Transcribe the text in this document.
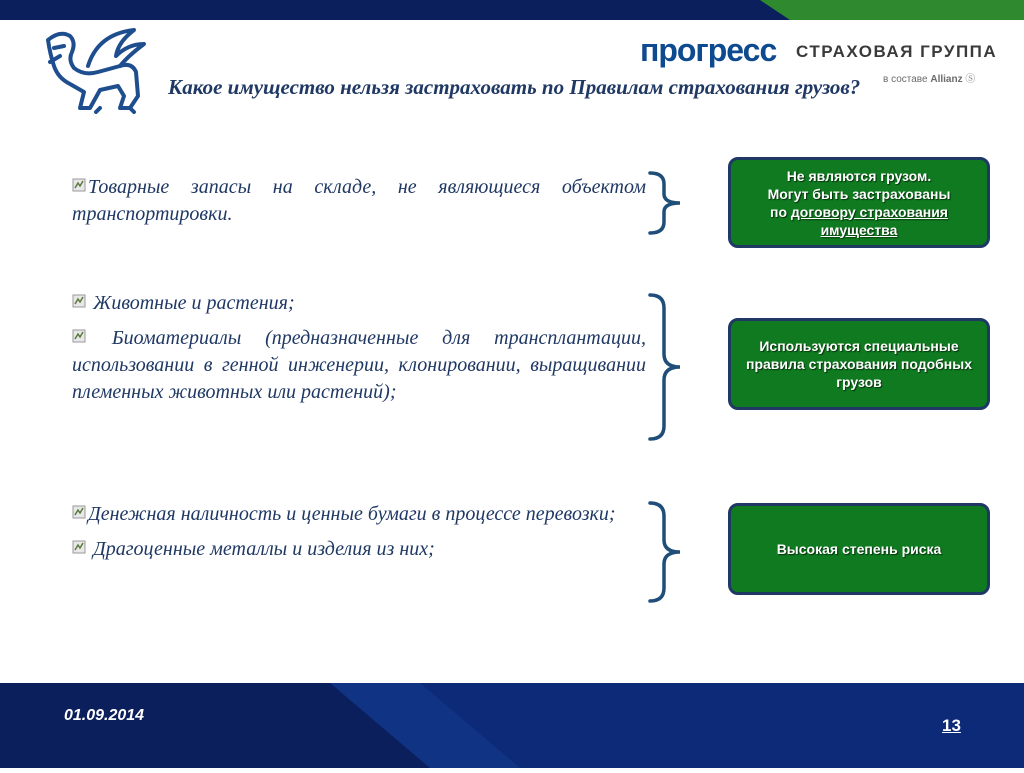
Какое имущество нельзя застраховать по Правилам страхования грузов?
прогресс СТРАХОВАЯ ГРУППА
в составе Allianz Ⓢ
Товарные запасы на складе, не являющиеся объектом транспортировки.
Животные и растения;
Биоматериалы (предназначенные для трансплантации, использовании в генной инженерии, клонировании, выращивании племенных животных или растений);
Денежная наличность и ценные бумаги в процессе перевозки;
Драгоценные металлы и изделия из них;
Не являются грузом.
Могут быть застрахованы
по договору страхования
имущества
Используются специальные правила страхования подобных грузов
Высокая степень риска
01.09.2014
13
